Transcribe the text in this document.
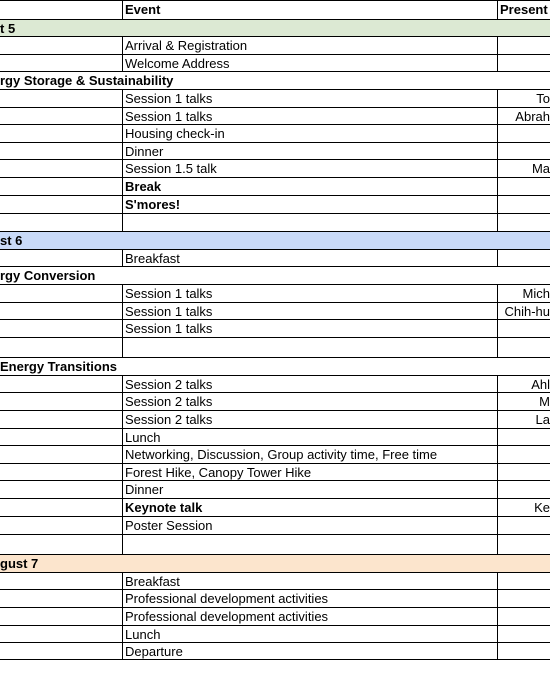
Event	Present
t 5
Arrival & Registration
Welcome Address
rgy Storage & Sustainability
Session 1 talks	To
Session 1 talks	Abrah
Housing check-in
Dinner
Session 1.5 talk	Ma
Break
S'mores!
st 6
Breakfast
rgy Conversion
Session 1 talks	Mich
Session 1 talks	Chih-hu
Session 1 talks
Energy Transitions
Session 2 talks	Ahl
Session 2 talks	M
Session 2 talks	La
Lunch
Networking, Discussion, Group activity time, Free time
Forest Hike, Canopy Tower Hike
Dinner
Keynote talk	Ke
Poster Session
gust 7
Breakfast
Professional development activities
Professional development activities
Lunch
Departure
